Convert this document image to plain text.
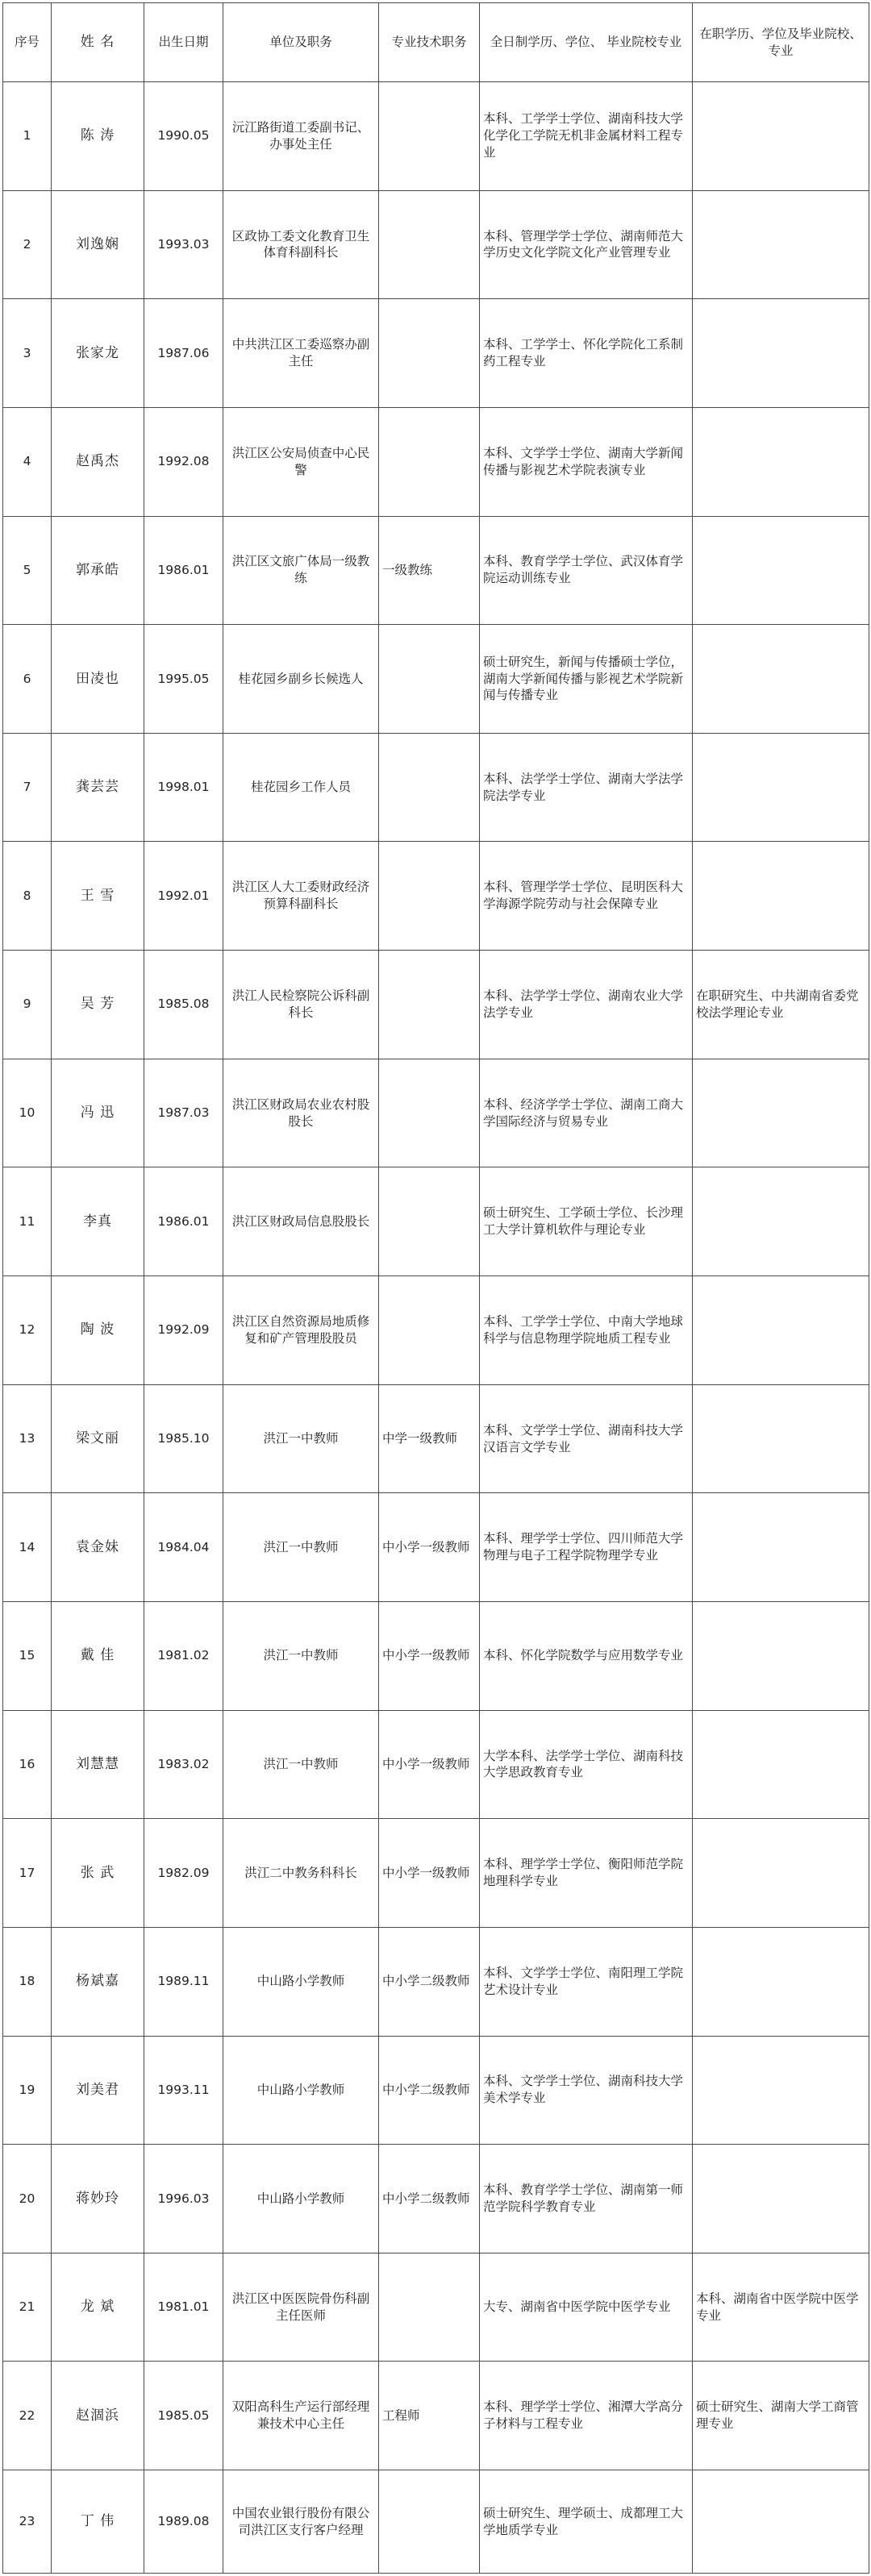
序号	姓 名	出生日期	单位及职务	专业技术职务	全日制学历、学位、 毕业院校专业	在职学历、学位及毕业院校、专业
1	陈 涛	1990.05	沅江路街道工委副书记、办事处主任		本科、工学学士学位、湖南科技大学化学化工学院无机非金属材料工程专业	
2	刘逸娴	1993.03	区政协工委文化教育卫生体育科副科长		本科、管理学学士学位、湖南师范大学历史文化学院文化产业管理专业	
3	张家龙	1987.06	中共洪江区工委巡察办副主任		本科、工学学士、怀化学院化工系制药工程专业	
4	赵禹杰	1992.08	洪江区公安局侦查中心民警		本科、文学学士学位、湖南大学新闻传播与影视艺术学院表演专业	
5	郭承皓	1986.01	洪江区文旅广体局一级教练	一级教练	本科、教育学学士学位、武汉体育学院运动训练专业	
6	田凌也	1995.05	桂花园乡副乡长候选人		硕士研究生，新闻与传播硕士学位，湖南大学新闻传播与影视艺术学院新闻与传播专业	
7	龚芸芸	1998.01	桂花园乡工作人员		本科、法学学士学位、湖南大学法学院法学专业	
8	王 雪	1992.01	洪江区人大工委财政经济预算科副科长		本科、管理学学士学位、昆明医科大学海源学院劳动与社会保障专业	
9	吴 芳	1985.08	洪江人民检察院公诉科副科长		本科、法学学士学位、湖南农业大学法学专业	在职研究生、中共湖南省委党校法学理论专业
10	冯 迅	1987.03	洪江区财政局农业农村股股长		本科、经济学学士学位、湖南工商大学国际经济与贸易专业	
11	李真	1986.01	洪江区财政局信息股股长		硕士研究生、工学硕士学位、长沙理工大学计算机软件与理论专业	
12	陶 波	1992.09	洪江区自然资源局地质修复和矿产管理股股员		本科、工学学士学位、中南大学地球科学与信息物理学院地质工程专业	
13	梁文丽	1985.10	洪江一中教师	中学一级教师	本科、文学学士学位、湖南科技大学汉语言文学专业	
14	袁金妹	1984.04	洪江一中教师	中小学一级教师	本科、理学学士学位、四川师范大学物理与电子工程学院物理学专业	
15	戴 佳	1981.02	洪江一中教师	中小学一级教师	本科、怀化学院数学与应用数学专业	
16	刘慧慧	1983.02	洪江一中教师	中小学一级教师	大学本科、法学学士学位、湖南科技大学思政教育专业	
17	张 武	1982.09	洪江二中教务科科长	中小学一级教师	本科、理学学士学位、衡阳师范学院地理科学专业	
18	杨斌嘉	1989.11	中山路小学教师	中小学二级教师	本科、文学学士学位、南阳理工学院艺术设计专业	
19	刘美君	1993.11	中山路小学教师	中小学二级教师	本科、文学学士学位、湖南科技大学美术学专业	
20	蒋妙玲	1996.03	中山路小学教师	中小学二级教师	本科、教育学学士学位、湖南第一师范学院科学教育专业	
21	龙 斌	1981.01	洪江区中医医院骨伤科副主任医师		大专、湖南省中医学院中医学专业	本科、湖南省中医学院中医学专业
22	赵涸浜	1985.05	双阳高科生产运行部经理兼技术中心主任	工程师	本科、理学学士学位、湘潭大学高分子材料与工程专业	硕士研究生、湖南大学工商管理专业
23	丁 伟	1989.08	中国农业银行股份有限公司洪江区支行客户经理		硕士研究生、理学硕士、成都理工大学地质学专业	
